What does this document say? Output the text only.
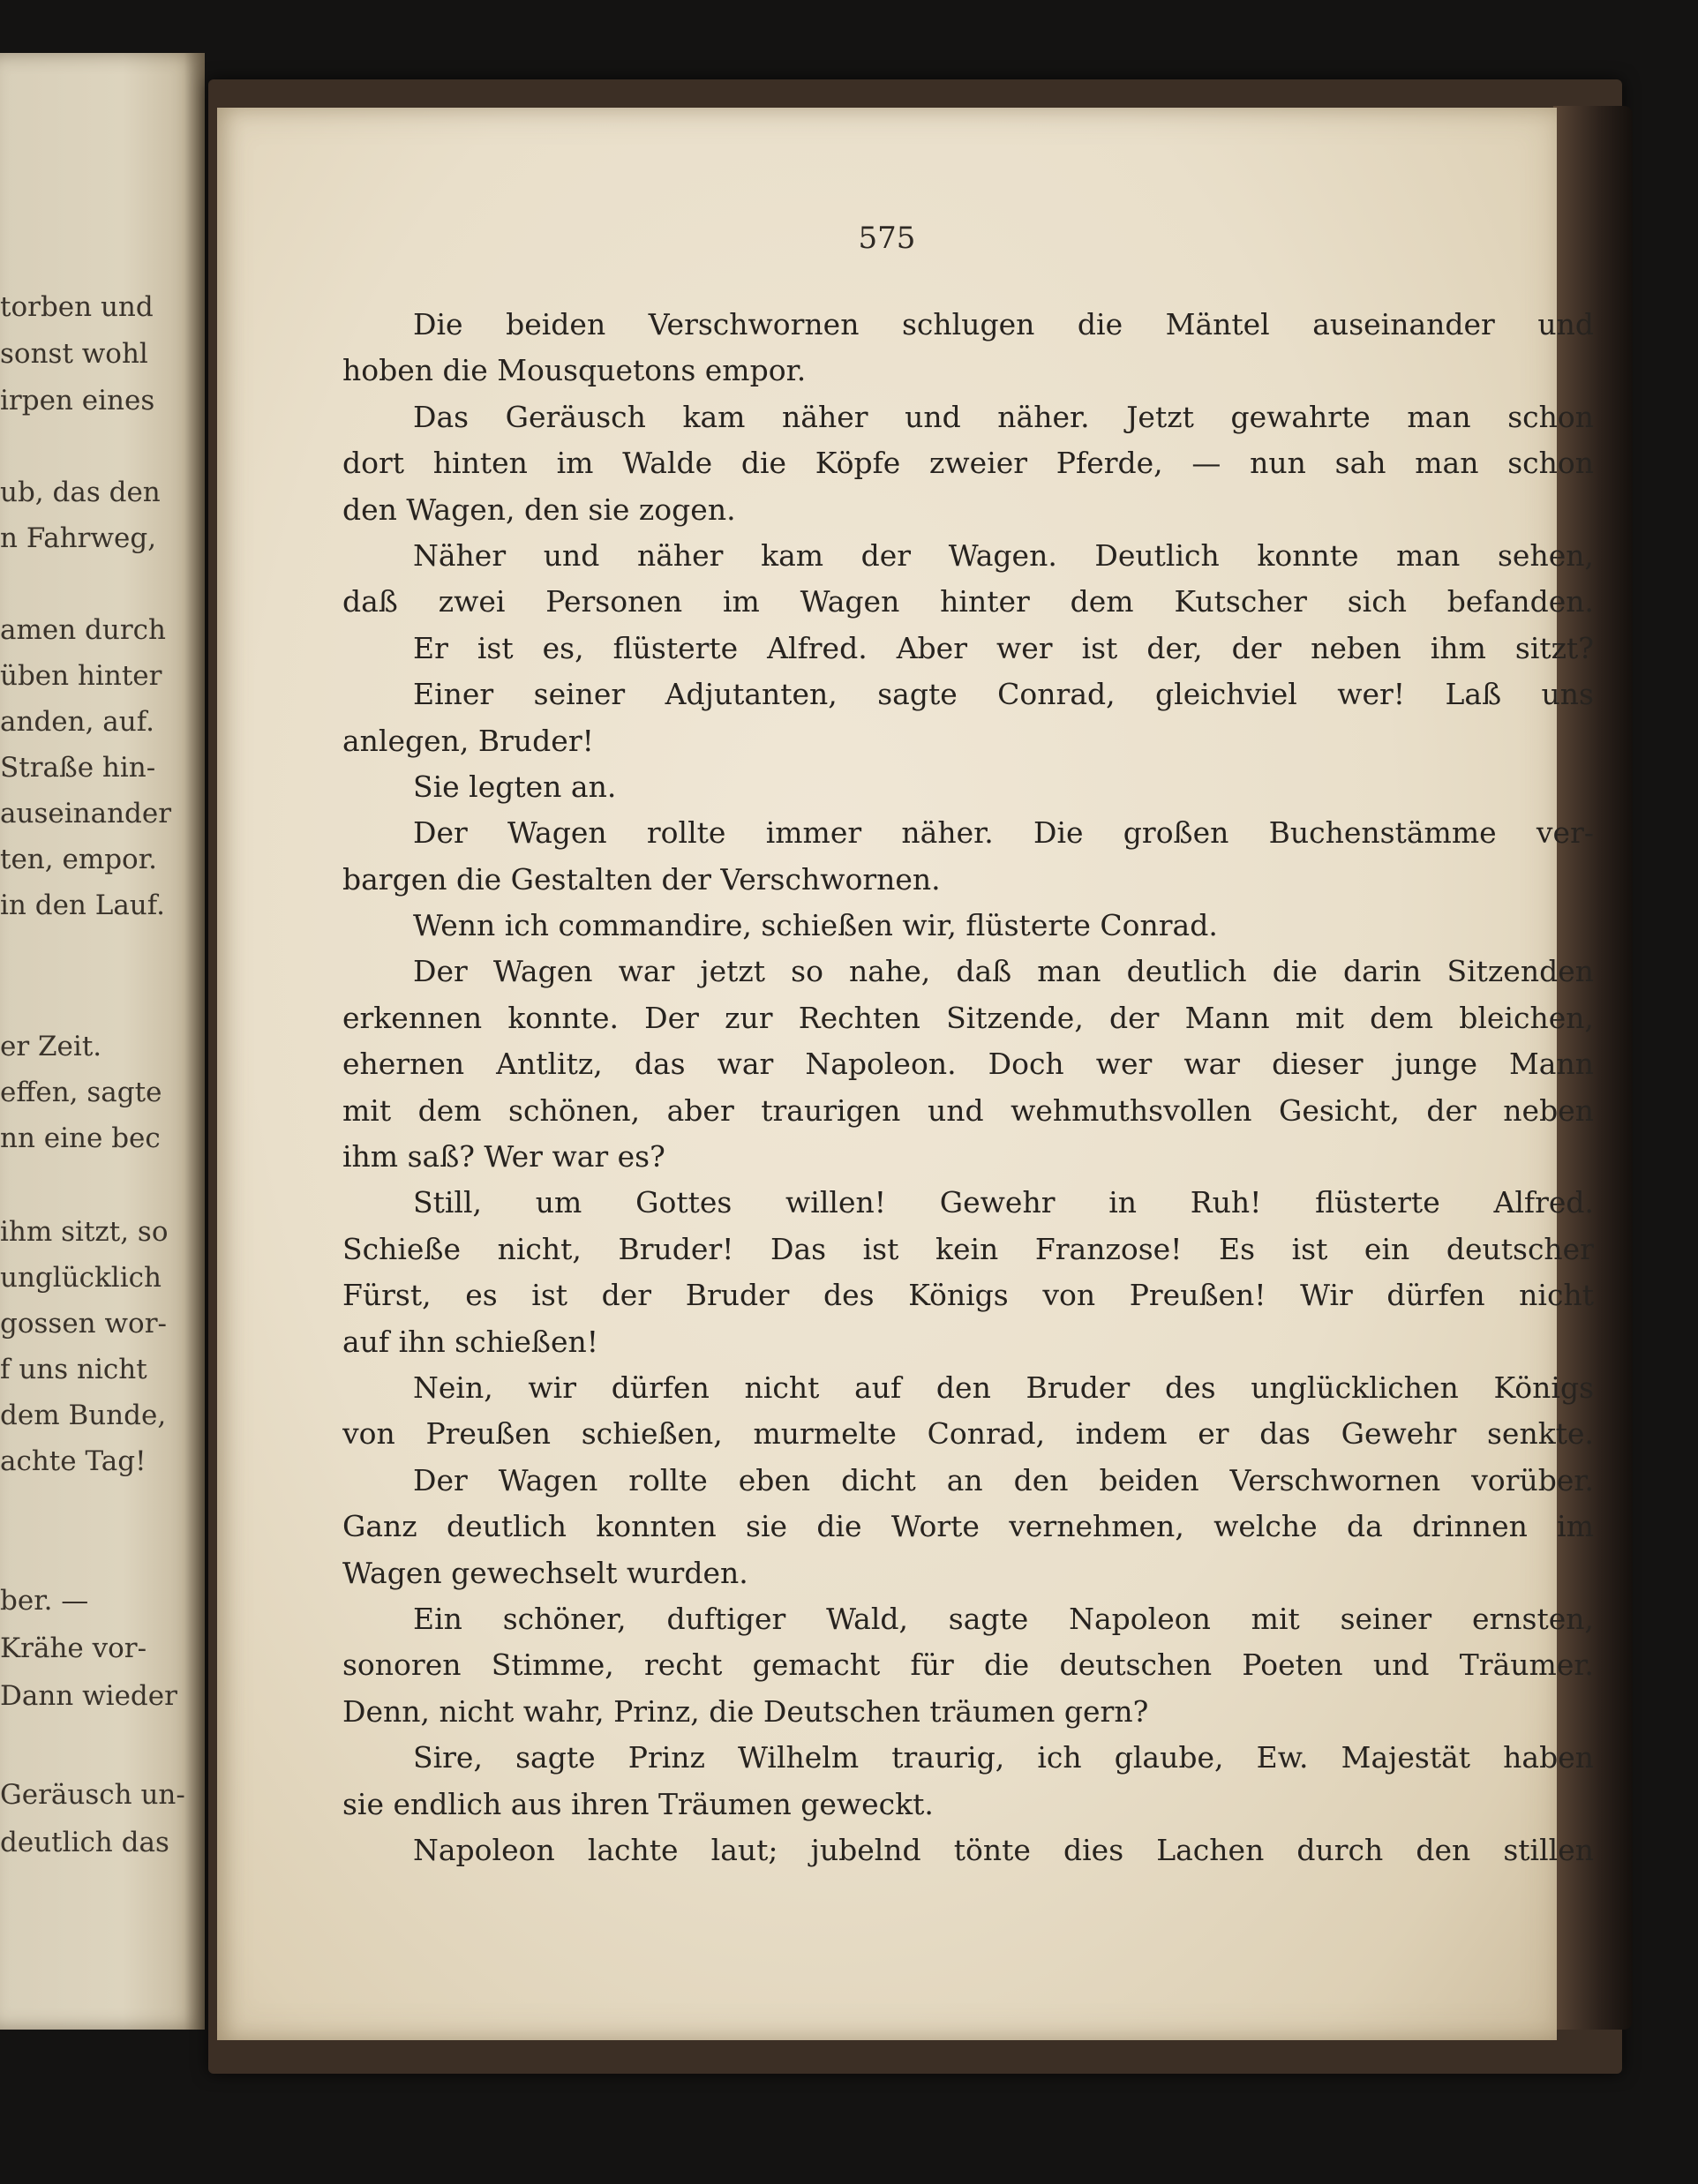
torben und
sonst wohl
irpen eines
ub, das den
n Fahrweg,
amen durch
üben hinter
anden, auf.
Straße hin-
auseinander
ten, empor.
in den Lauf.
er Zeit.
effen, sagte
nn eine bec
ihm sitzt, so
unglücklich
gossen wor-
f uns nicht
dem Bunde,
achte Tag!
ber. —
Krähe vor-
Dann wieder
Geräusch un-
deutlich das
575
Die beiden Verschwornen schlugen die Mäntel auseinander und
hoben die Mousquetons empor.
Das Geräusch kam näher und näher. Jetzt gewahrte man schon
dort hinten im Walde die Köpfe zweier Pferde, — nun sah man schon
den Wagen, den sie zogen.
Näher und näher kam der Wagen. Deutlich konnte man sehen,
daß zwei Personen im Wagen hinter dem Kutscher sich befanden.
Er ist es, flüsterte Alfred. Aber wer ist der, der neben ihm sitzt?
Einer seiner Adjutanten, sagte Conrad, gleichviel wer! Laß uns
anlegen, Bruder!
Sie legten an.
Der Wagen rollte immer näher. Die großen Buchenstämme ver-
bargen die Gestalten der Verschwornen.
Wenn ich commandire, schießen wir, flüsterte Conrad.
Der Wagen war jetzt so nahe, daß man deutlich die darin Sitzenden
erkennen konnte. Der zur Rechten Sitzende, der Mann mit dem bleichen,
ehernen Antlitz, das war Napoleon. Doch wer war dieser junge Mann
mit dem schönen, aber traurigen und wehmuthsvollen Gesicht, der neben
ihm saß? Wer war es?
Still, um Gottes willen! Gewehr in Ruh! flüsterte Alfred.
Schieße nicht, Bruder! Das ist kein Franzose! Es ist ein deutscher
Fürst, es ist der Bruder des Königs von Preußen! Wir dürfen nicht
auf ihn schießen!
Nein, wir dürfen nicht auf den Bruder des unglücklichen Königs
von Preußen schießen, murmelte Conrad, indem er das Gewehr senkte.
Der Wagen rollte eben dicht an den beiden Verschwornen vorüber.
Ganz deutlich konnten sie die Worte vernehmen, welche da drinnen im
Wagen gewechselt wurden.
Ein schöner, duftiger Wald, sagte Napoleon mit seiner ernsten,
sonoren Stimme, recht gemacht für die deutschen Poeten und Träumer.
Denn, nicht wahr, Prinz, die Deutschen träumen gern?
Sire, sagte Prinz Wilhelm traurig, ich glaube, Ew. Majestät haben
sie endlich aus ihren Träumen geweckt.
Napoleon lachte laut; jubelnd tönte dies Lachen durch den stillen
